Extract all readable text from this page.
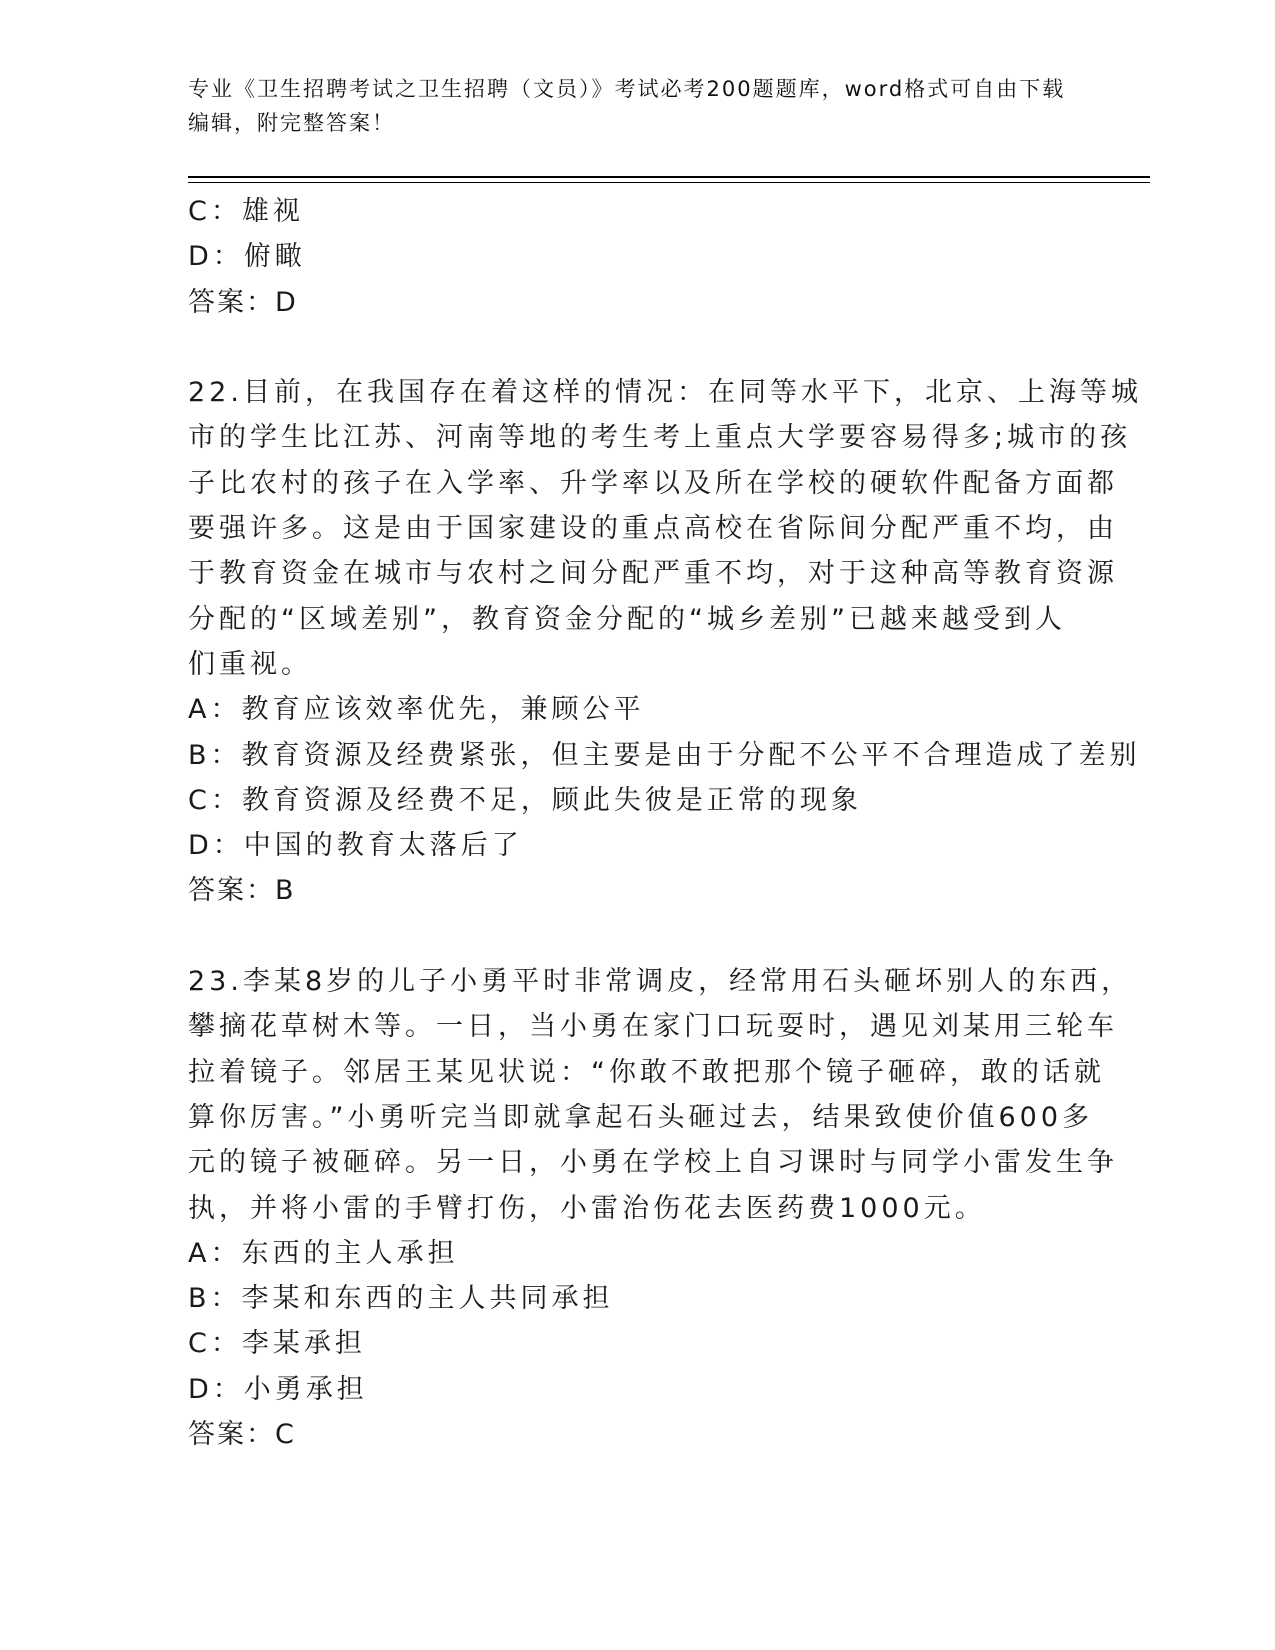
专业《卫生招聘考试之卫生招聘（文员）》考试必考200题题库，word格式可自由下载编辑，附完整答案！
C：雄视
D：俯瞰
答案：D
22.目前，在我国存在着这样的情况：在同等水平下，北京、上海等城
市的学生比江苏、河南等地的考生考上重点大学要容易得多;城市的孩
子比农村的孩子在入学率、升学率以及所在学校的硬软件配备方面都
要强许多。这是由于国家建设的重点高校在省际间分配严重不均，由
于教育资金在城市与农村之间分配严重不均，对于这种高等教育资源
分配的“区域差别”，教育资金分配的“城乡差别”已越来越受到人
们重视。
A：教育应该效率优先，兼顾公平
B：教育资源及经费紧张，但主要是由于分配不公平不合理造成了差别
C：教育资源及经费不足，顾此失彼是正常的现象
D：中国的教育太落后了
答案：B
23.李某8岁的儿子小勇平时非常调皮，经常用石头砸坏别人的东西，
攀摘花草树木等。一日，当小勇在家门口玩耍时，遇见刘某用三轮车
拉着镜子。邻居王某见状说：“你敢不敢把那个镜子砸碎，敢的话就
算你厉害。”小勇听完当即就拿起石头砸过去，结果致使价值600多
元的镜子被砸碎。另一日，小勇在学校上自习课时与同学小雷发生争
执，并将小雷的手臂打伤，小雷治伤花去医药费1000元。
A：东西的主人承担
B：李某和东西的主人共同承担
C：李某承担
D：小勇承担
答案：C
